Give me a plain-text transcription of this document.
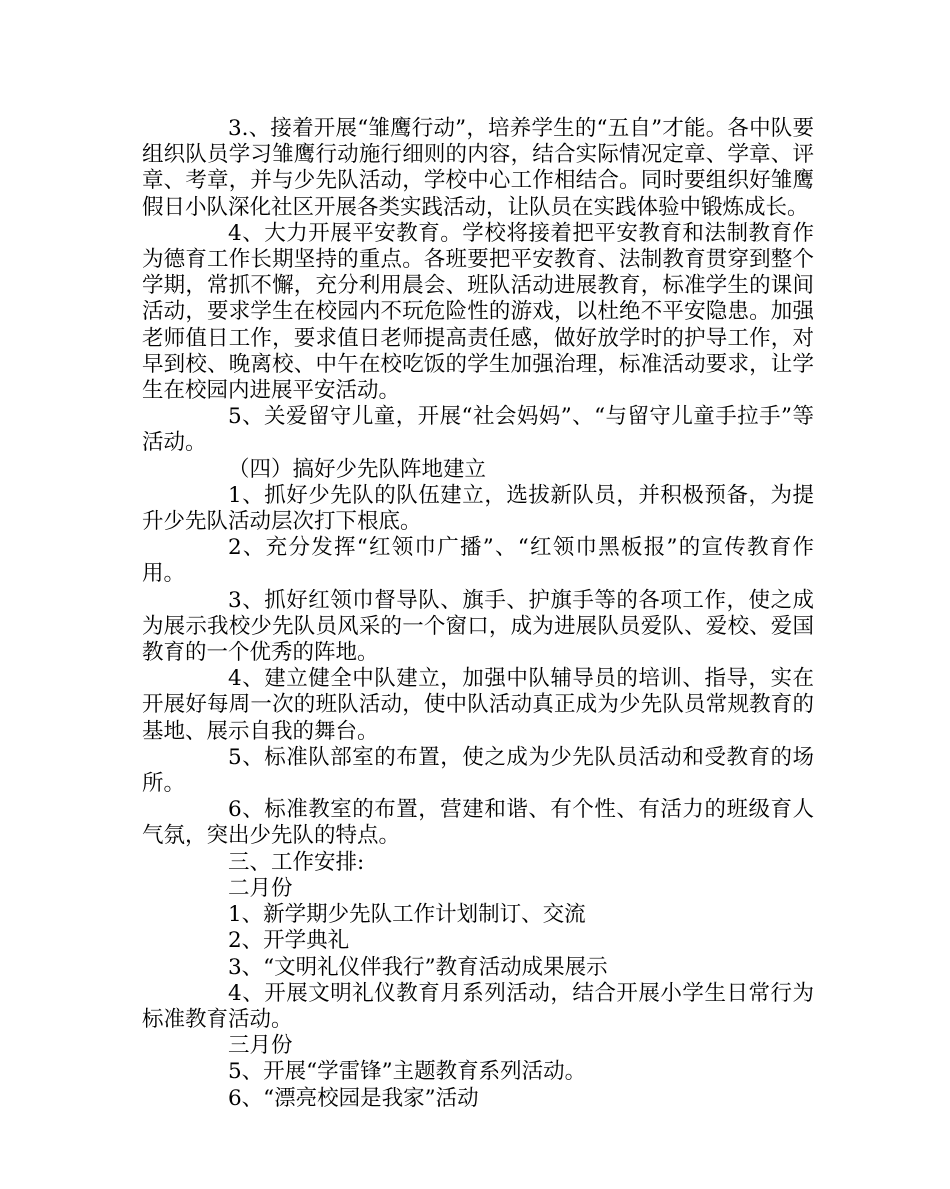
3.、接着开展“雏鹰行动”，培养学生的“五自”才能。各中队要组织队员学习雏鹰行动施行细则的内容，结合实际情况定章、学章、评章、考章，并与少先队活动，学校中心工作相结合。同时要组织好雏鹰假日小队深化社区开展各类实践活动，让队员在实践体验中锻炼成长。

4、大力开展平安教育。学校将接着把平安教育和法制教育作为德育工作长期坚持的重点。各班要把平安教育、法制教育贯穿到整个学期，常抓不懈，充分利用晨会、班队活动进展教育，标准学生的课间活动，要求学生在校园内不玩危险性的游戏，以杜绝不平安隐患。加强老师值日工作，要求值日老师提高责任感，做好放学时的护导工作，对早到校、晚离校、中午在校吃饭的学生加强治理，标准活动要求，让学生在校园内进展平安活动。

5、关爱留守儿童，开展“社会妈妈”、“与留守儿童手拉手”等活动。

（四）搞好少先队阵地建立

1、抓好少先队的队伍建立，选拔新队员，并积极预备，为提升少先队活动层次打下根底。

2、充分发挥“红领巾广播”、“红领巾黑板报”的宣传教育作用。

3、抓好红领巾督导队、旗手、护旗手等的各项工作，使之成为展示我校少先队员风采的一个窗口，成为进展队员爱队、爱校、爱国教育的一个优秀的阵地。

4、建立健全中队建立，加强中队辅导员的培训、指导，实在开展好每周一次的班队活动，使中队活动真正成为少先队员常规教育的基地、展示自我的舞台。

5、标准队部室的布置，使之成为少先队员活动和受教育的场所。

6、标准教室的布置，营建和谐、有个性、有活力的班级育人气氛，突出少先队的特点。

三、工作安排:

二月份

1、新学期少先队工作计划制订、交流

2、开学典礼

3、“文明礼仪伴我行”教育活动成果展示

4、开展文明礼仪教育月系列活动，结合开展小学生日常行为标准教育活动。

三月份

5、开展“学雷锋”主题教育系列活动。

6、“漂亮校园是我家”活动
